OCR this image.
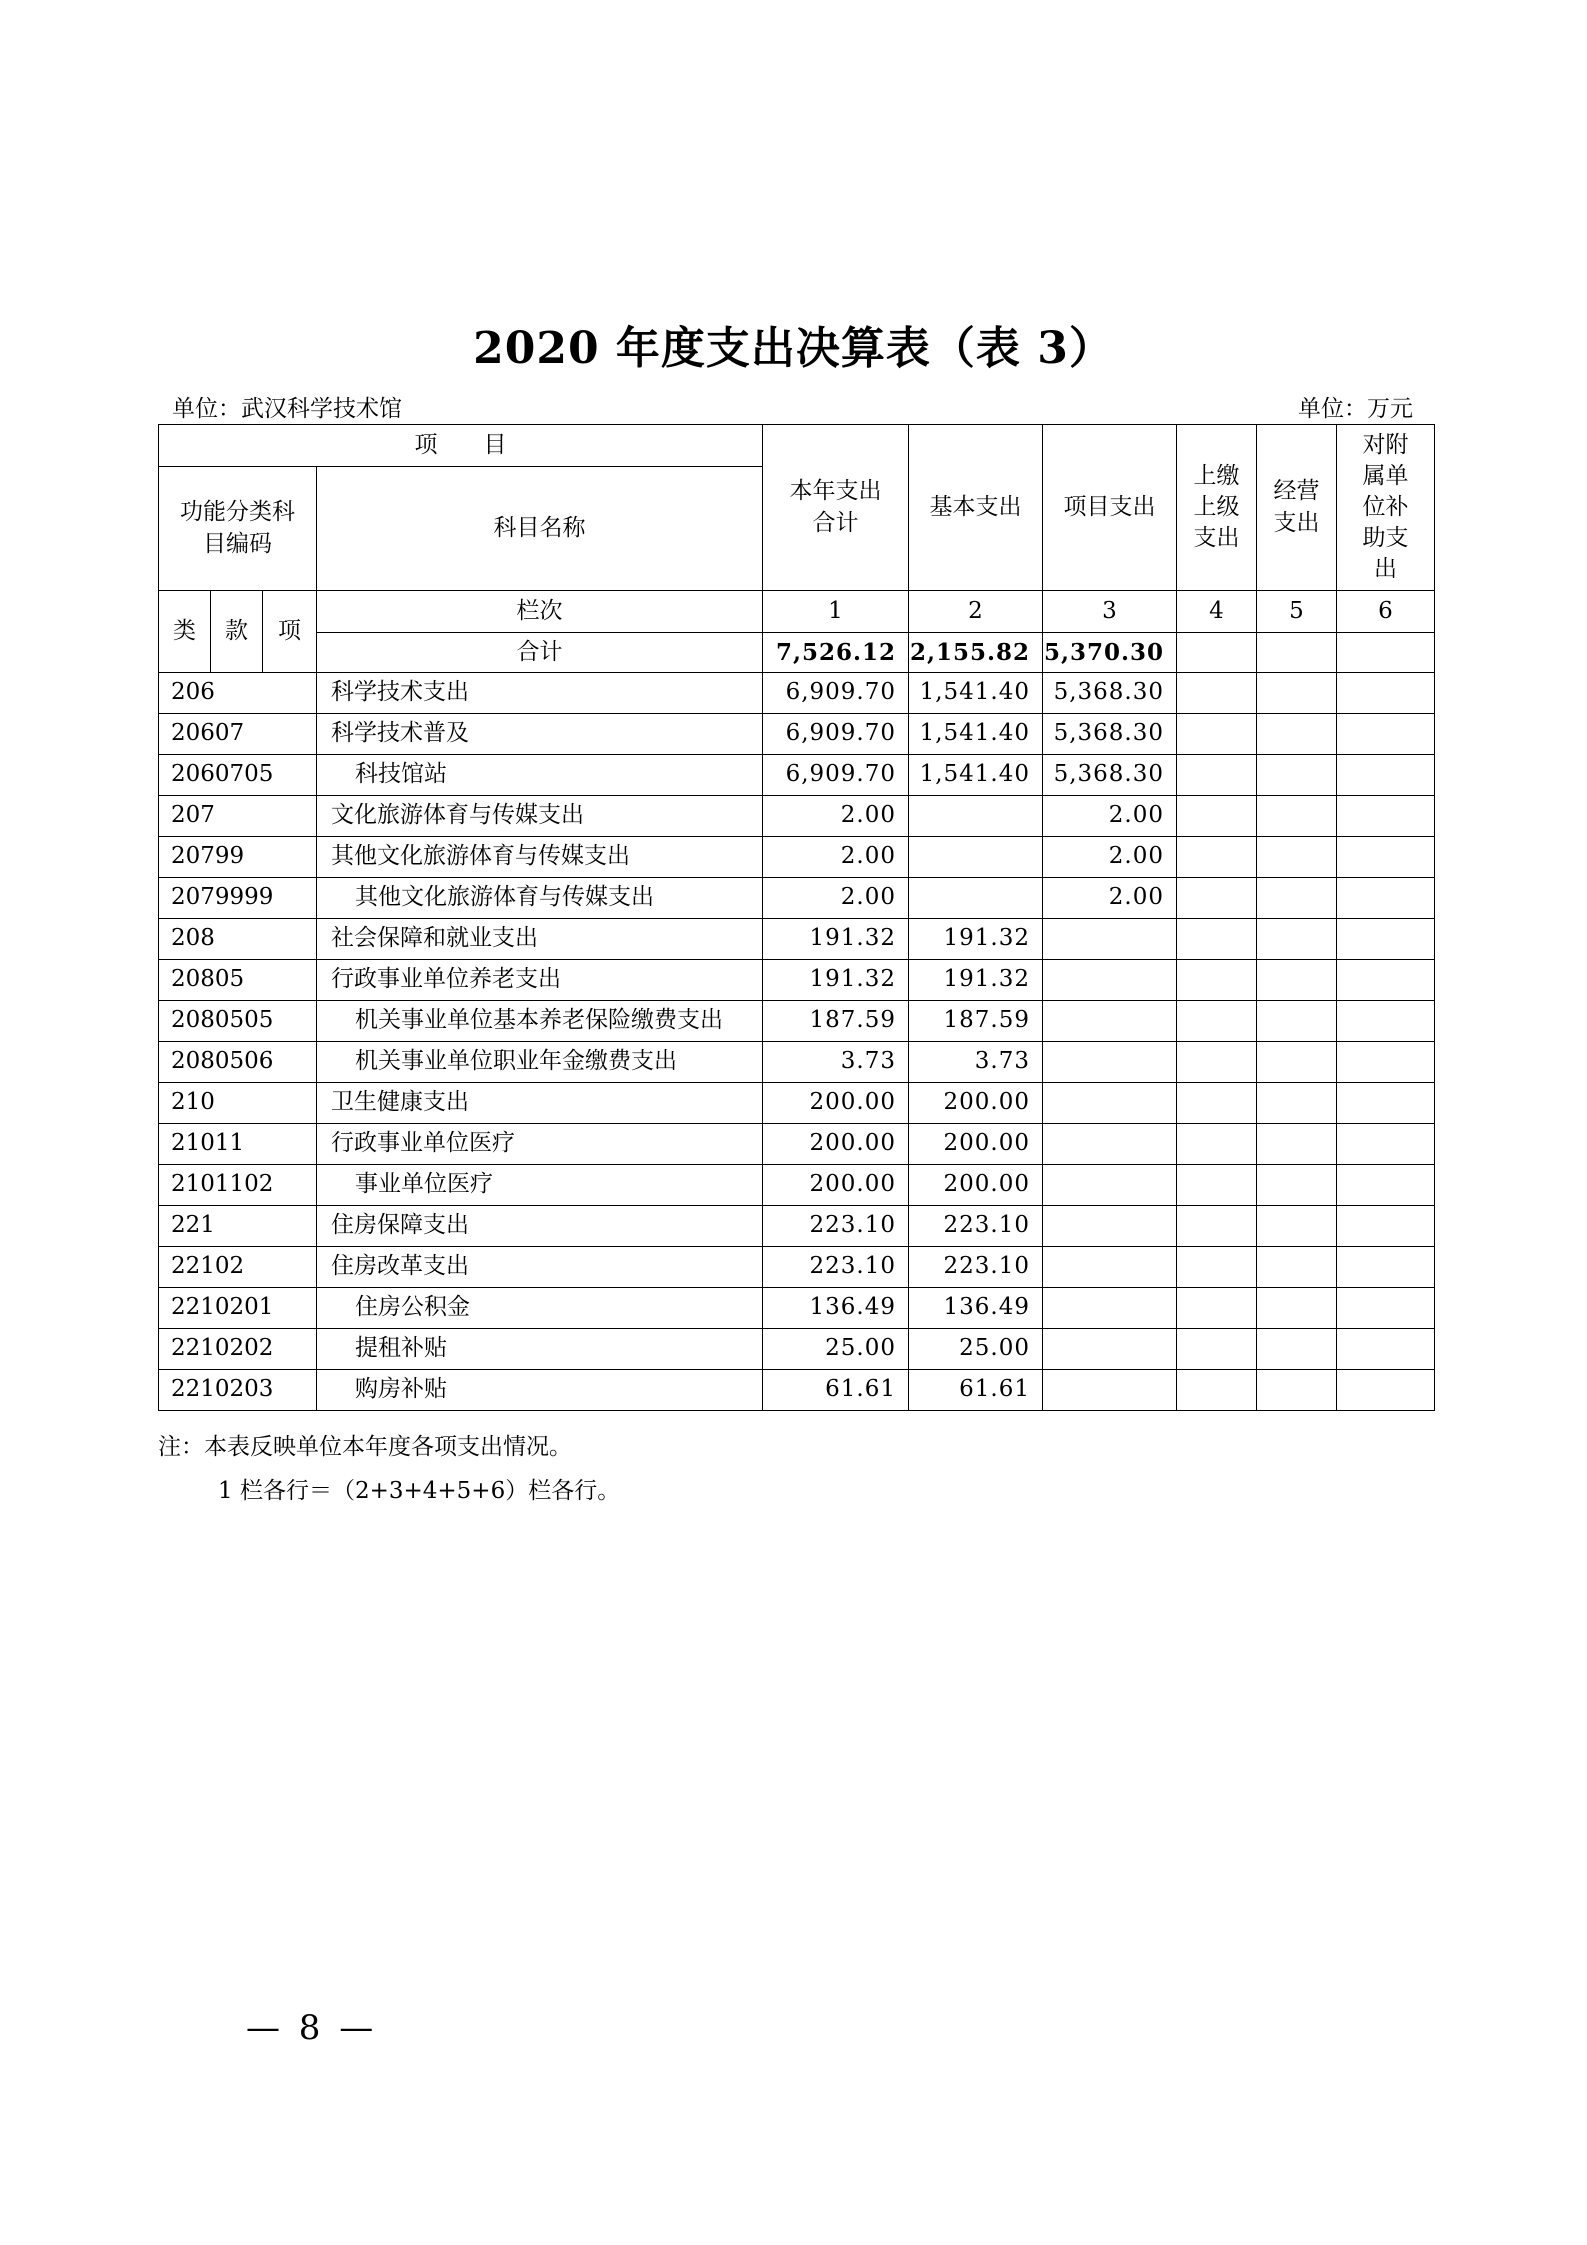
2020 年度支出决算表（表 3）
单位：武汉科学技术馆	单位：万元
项　　目				本年支出合计	基本支出	项目支出	上缴上级支出	经营支出	对附属单位补助支出

功能分类科目编码			科目名称						
类	款	项	栏次	1	2	3	4	5	6
			合计	7,526.12	2,155.82	5,370.30			
206			科学技术支出	6,909.70	1,541.40	5,368.30			
20607			科学技术普及	6,909.70	1,541.40	5,368.30			
2060705			科技馆站	6,909.70	1,541.40	5,368.30			
207			文化旅游体育与传媒支出	2.00		2.00			
20799			其他文化旅游体育与传媒支出	2.00		2.00			
2079999			其他文化旅游体育与传媒支出	2.00		2.00			
208			社会保障和就业支出	191.32	191.32				
20805			行政事业单位养老支出	191.32	191.32				
2080505			机关事业单位基本养老保险缴费支出	187.59	187.59				
2080506			机关事业单位职业年金缴费支出	3.73	3.73				
210			卫生健康支出	200.00	200.00				
21011			行政事业单位医疗	200.00	200.00				
2101102			事业单位医疗	200.00	200.00				
221			住房保障支出	223.10	223.10				
22102			住房改革支出	223.10	223.10				
2210201			住房公积金	136.49	136.49				
2210202			提租补贴	25.00	25.00				
2210203			购房补贴	61.61	61.61				
注：本表反映单位本年度各项支出情况。
1 栏各行＝（2+3+4+5+6）栏各行。
— 8 —
